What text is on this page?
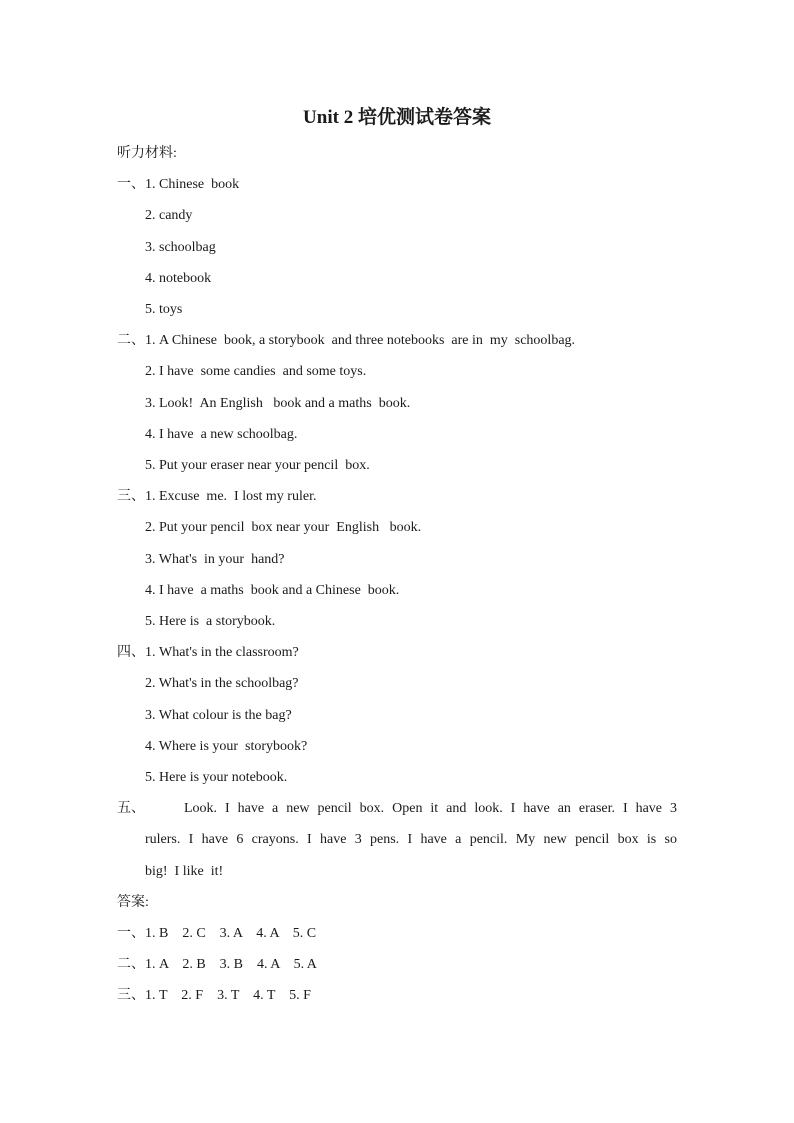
Unit 2 培优测试卷答案
听力材料:
一、1. Chinese  book
2. candy
3. schoolbag
4. notebook
5. toys
二、1. A Chinese  book, a storybook  and three notebooks  are in  my  schoolbag.
2. I have  some candies  and some toys.
3. Look!  An English   book and a maths  book.
4. I have  a new schoolbag.
5. Put your eraser near your pencil  box.
三、1. Excuse  me.  I lost my ruler.
2. Put your pencil  box near your  English   book.
3. What's  in your  hand?
4. I have  a maths  book and a Chinese  book.
5. Here is  a storybook.
四、1. What's in the classroom?
2. What's in the schoolbag?
3. What colour is the bag?
4. Where is your  storybook?
5. Here is your notebook.
五、	Look. I have a new pencil box. Open it and look. I have an eraser. I have 3
rulers. I have 6 crayons. I have 3 pens. I have a pencil. My new pencil box is so
big!  I like  it!
答案:
一、1. B    2. C    3. A    4. A    5. C
二、1. A    2. B    3. B    4. A    5. A
三、1. T    2. F    3. T    4. T    5. F
